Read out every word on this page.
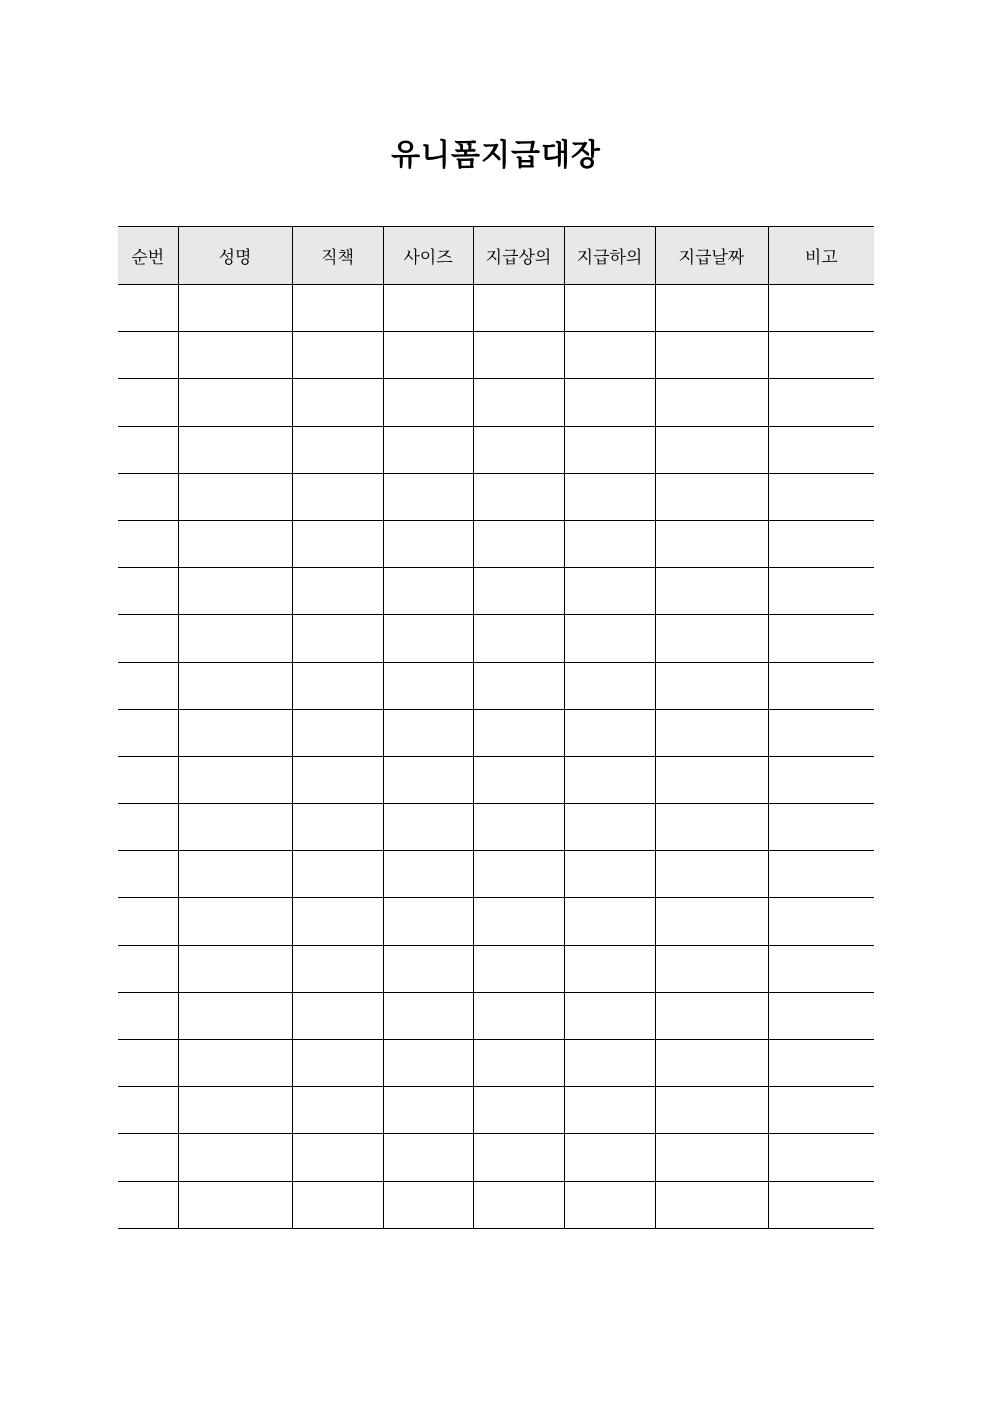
유니폼지급대장
순번	성명	직책	사이즈	지급상의	지급하의	지급날짜	비고
